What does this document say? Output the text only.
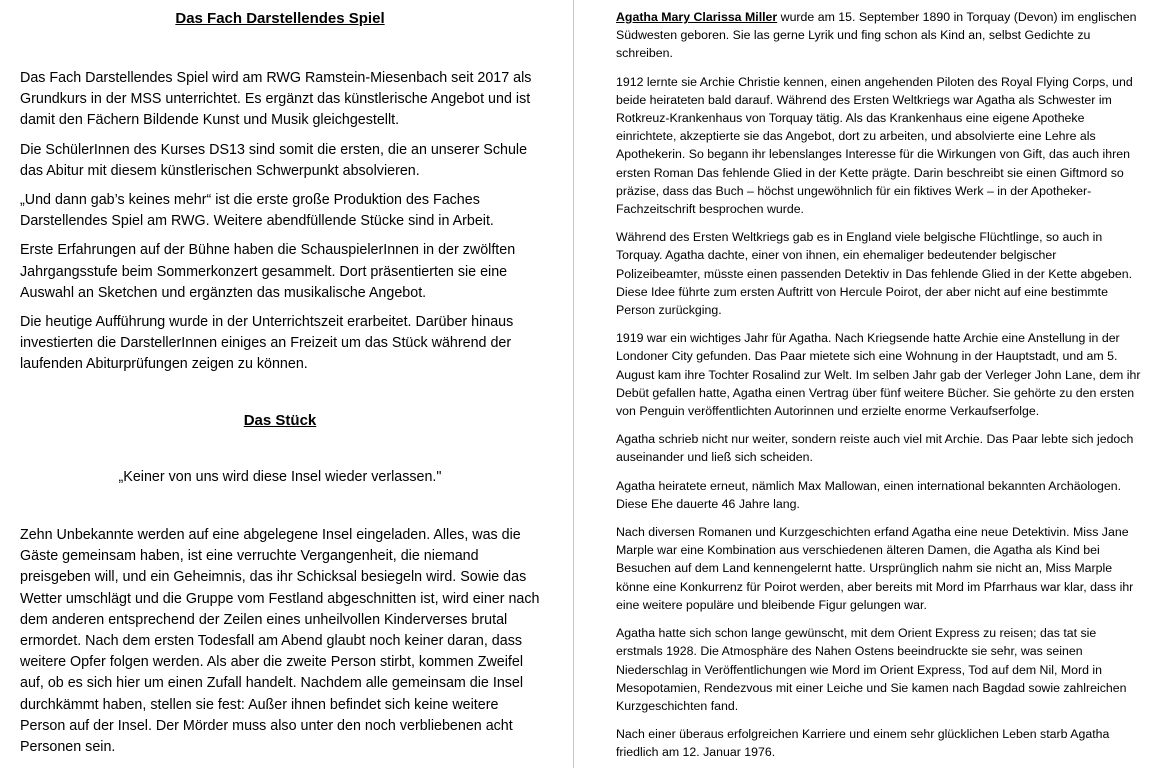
Das Fach Darstellendes Spiel

Das Fach Darstellendes Spiel wird am RWG Ramstein-Miesenbach seit 2017 als Grundkurs in der MSS unterrichtet. Es ergänzt das künstlerische Angebot und ist damit den Fächern Bildende Kunst und Musik gleichgestellt.

Die SchülerInnen des Kurses DS13 sind somit die ersten, die an unserer Schule das Abitur mit diesem künstlerischen Schwerpunkt absolvieren.

„Und dann gab’s keines mehr“ ist die erste große Produktion des Faches Darstellendes Spiel am RWG. Weitere abendfüllende Stücke sind in Arbeit.

Erste Erfahrungen auf der Bühne haben die SchauspielerInnen in der zwölften Jahrgangsstufe beim Sommerkonzert gesammelt. Dort präsentierten sie eine Auswahl an Sketchen und ergänzten das musikalische Angebot.

Die heutige Aufführung wurde in der Unterrichtszeit erarbeitet. Darüber hinaus investierten die DarstellerInnen einiges an Freizeit um das Stück während der laufenden Abiturprüfungen zeigen zu können.

Das Stück

„Keiner von uns wird diese Insel wieder verlassen."

Zehn Unbekannte werden auf eine abgelegene Insel eingeladen. Alles, was die Gäste gemeinsam haben, ist eine verruchte Vergangenheit, die niemand preisgeben will, und ein Geheimnis, das ihr Schicksal besiegeln wird. Sowie das Wetter umschlägt und die Gruppe vom Festland abgeschnitten ist, wird einer nach dem anderen entsprechend der Zeilen eines unheilvollen Kinderverses brutal ermordet. Nach dem ersten Todesfall am Abend glaubt noch keiner daran, dass weitere Opfer folgen werden. Als aber die zweite Person stirbt, kommen Zweifel auf, ob es sich hier um einen Zufall handelt. Nachdem alle gemeinsam die Insel durchkämmt haben, stellen sie fest: Außer ihnen befindet sich keine weitere Person auf der Insel. Der Mörder muss also unter den noch verbliebenen acht Personen sein.

Agatha Mary Clarissa Miller wurde am 15. September 1890 in Torquay (Devon) im englischen Südwesten geboren. Sie las gerne Lyrik und fing schon als Kind an, selbst Gedichte zu schreiben.

1912 lernte sie Archie Christie kennen, einen angehenden Piloten des Royal Flying Corps, und beide heirateten bald darauf. Während des Ersten Weltkriegs war Agatha als Schwester im Rotkreuz-Krankenhaus von Torquay tätig. Als das Krankenhaus eine eigene Apotheke einrichtete, akzeptierte sie das Angebot, dort zu arbeiten, und absolvierte eine Lehre als Apothekerin. So begann ihr lebenslanges Interesse für die Wirkungen von Gift, das auch ihren ersten Roman Das fehlende Glied in der Kette prägte. Darin beschreibt sie einen Giftmord so präzise, dass das Buch – höchst ungewöhnlich für ein fiktives Werk – in der Apotheker-Fachzeitschrift besprochen wurde.

Während des Ersten Weltkriegs gab es in England viele belgische Flüchtlinge, so auch in Torquay. Agatha dachte, einer von ihnen, ein ehemaliger bedeutender belgischer Polizeibeamter, müsste einen passenden Detektiv in Das fehlende Glied in der Kette abgeben. Diese Idee führte zum ersten Auftritt von Hercule Poirot, der aber nicht auf eine bestimmte Person zurückging.

1919 war ein wichtiges Jahr für Agatha. Nach Kriegsende hatte Archie eine Anstellung in der Londoner City gefunden. Das Paar mietete sich eine Wohnung in der Hauptstadt, und am 5. August kam ihre Tochter Rosalind zur Welt. Im selben Jahr gab der Verleger John Lane, dem ihr Debüt gefallen hatte, Agatha einen Vertrag über fünf weitere Bücher. Sie gehörte zu den ersten von Penguin veröffentlichten Autorinnen und erzielte enorme Verkaufserfolge.

Agatha schrieb nicht nur weiter, sondern reiste auch viel mit Archie. Das Paar lebte sich jedoch auseinander und ließ sich scheiden.

Agatha heiratete erneut, nämlich Max Mallowan, einen international bekannten Archäologen. Diese Ehe dauerte 46 Jahre lang.

Nach diversen Romanen und Kurzgeschichten erfand Agatha eine neue Detektivin. Miss Jane Marple war eine Kombination aus verschiedenen älteren Damen, die Agatha als Kind bei Besuchen auf dem Land kennengelernt hatte. Ursprünglich nahm sie nicht an, Miss Marple könne eine Konkurrenz für Poirot werden, aber bereits mit Mord im Pfarrhaus war klar, dass ihr eine weitere populäre und bleibende Figur gelungen war.

Agatha hatte sich schon lange gewünscht, mit dem Orient Express zu reisen; das tat sie erstmals 1928. Die Atmosphäre des Nahen Ostens beeindruckte sie sehr, was seinen Niederschlag in Veröffentlichungen wie Mord im Orient Express, Tod auf dem Nil, Mord in Mesopotamien, Rendezvous mit einer Leiche und Sie kamen nach Bagdad sowie zahlreichen Kurzgeschichten fand.

Nach einer überaus erfolgreichen Karriere und einem sehr glücklichen Leben starb Agatha friedlich am 12. Januar 1976.
